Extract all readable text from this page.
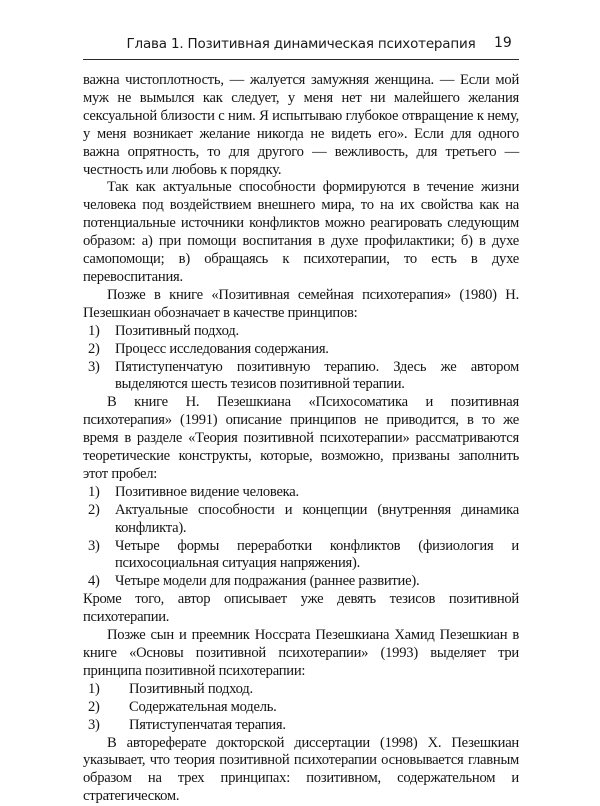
Глава 1. Позитивная динамическая психотерапия	19

важна чистоплотность, — жалуется замужняя женщина. — Если мой муж не вымылся как следует, у меня нет ни малейшего желания сексуальной близости с ним. Я испытываю глубокое отвращение к нему, у меня возникает желание никогда не видеть его». Если для одного важна опрятность, то для другого — вежливость, для третьего — честность или любовь к порядку.

Так как актуальные способности формируются в течение жизни человека под воздействием внешнего мира, то на их свойства как на потенциальные источники конфликтов можно реагировать следующим образом: а) при помощи воспитания в духе профилактики; б) в духе самопомощи; в) обращаясь к психотерапии, то есть в духе перевоспитания.

Позже в книге «Позитивная семейная психотерапия» (1980) Н. Пезешкиан обозначает в качестве принципов:

1)	Позитивный подход.
2)	Процесс исследования содержания.
3)	Пятиступенчатую позитивную терапию. Здесь же автором выделяются шесть тезисов позитивной терапии.

В книге Н. Пезешкиана «Психосоматика и позитивная психотерапия» (1991) описание принципов не приводится, в то же время в разделе «Теория позитивной психотерапии» рассматриваются теоретические конструкты, которые, возможно, призваны заполнить этот пробел:

1)	Позитивное видение человека.
2)	Актуальные способности и концепции (внутренняя динамика конфликта).
3)	Четыре формы переработки конфликтов (физиология и психосоциальная ситуация напряжения).
4)	Четыре модели для подражания (раннее развитие).

Кроме того, автор описывает уже девять тезисов позитивной психотерапии.

Позже сын и преемник Носсрата Пезешкиана Хамид Пезешкиан в книге «Основы позитивной психотерапии» (1993) выделяет три принципа позитивной психотерапии:

1)	Позитивный подход.
2)	Содержательная модель.
3)	Пятиступенчатая терапия.

В автореферате докторской диссертации (1998) Х. Пезешкиан указывает, что теория позитивной психотерапии основывается главным образом на трех принципах: позитивном, содержательном и стратегическом.
